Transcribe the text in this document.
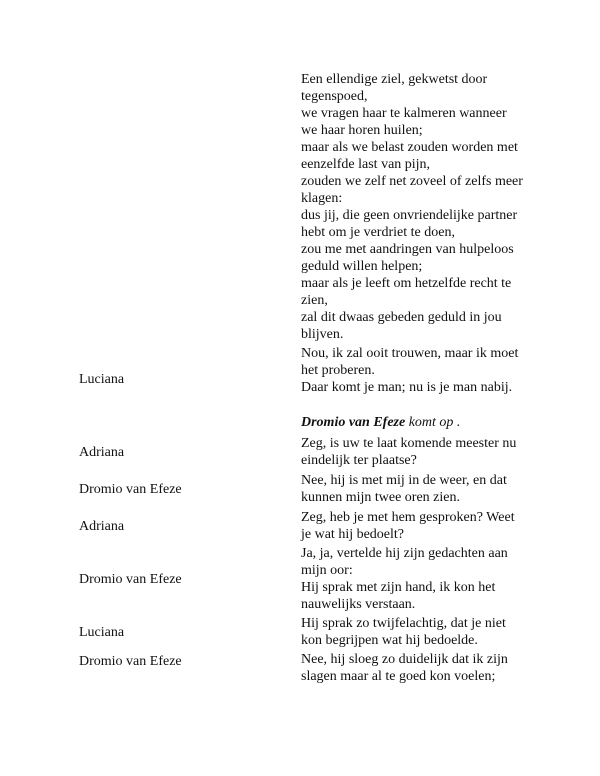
Een ellendige ziel, gekwetst door tegenspoed,
we vragen haar te kalmeren wanneer we haar horen huilen;
maar als we belast zouden worden met eenzelfde last van pijn,
zouden we zelf net zoveel of zelfs meer klagen:
dus jij, die geen onvriendelijke partner hebt om je verdriet te doen,
zou me met aandringen van hulpeloos geduld willen helpen;
maar als je leeft om hetzelfde recht te zien,
zal dit dwaas gebeden geduld in jou blijven.
Luciana
Nou, ik zal ooit trouwen, maar ik moet het proberen.
Daar komt je man; nu is je man nabij.
Dromio van Efeze komt op .
Adriana
Zeg, is uw te laat komende meester nu eindelijk ter plaatse?
Dromio van Efeze
Nee, hij is met mij in de weer, en dat kunnen mijn twee oren zien.
Adriana
Zeg, heb je met hem gesproken? Weet je wat hij bedoelt?
Dromio van Efeze
Ja, ja, vertelde hij zijn gedachten aan mijn oor:
Hij sprak met zijn hand, ik kon het nauwelijks verstaan.
Luciana
Hij sprak zo twijfelachtig, dat je niet kon begrijpen wat hij bedoelde.
Dromio van Efeze	Nee, hij sloeg zo duidelijk dat ik zijn slagen maar al te goed kon voelen;
